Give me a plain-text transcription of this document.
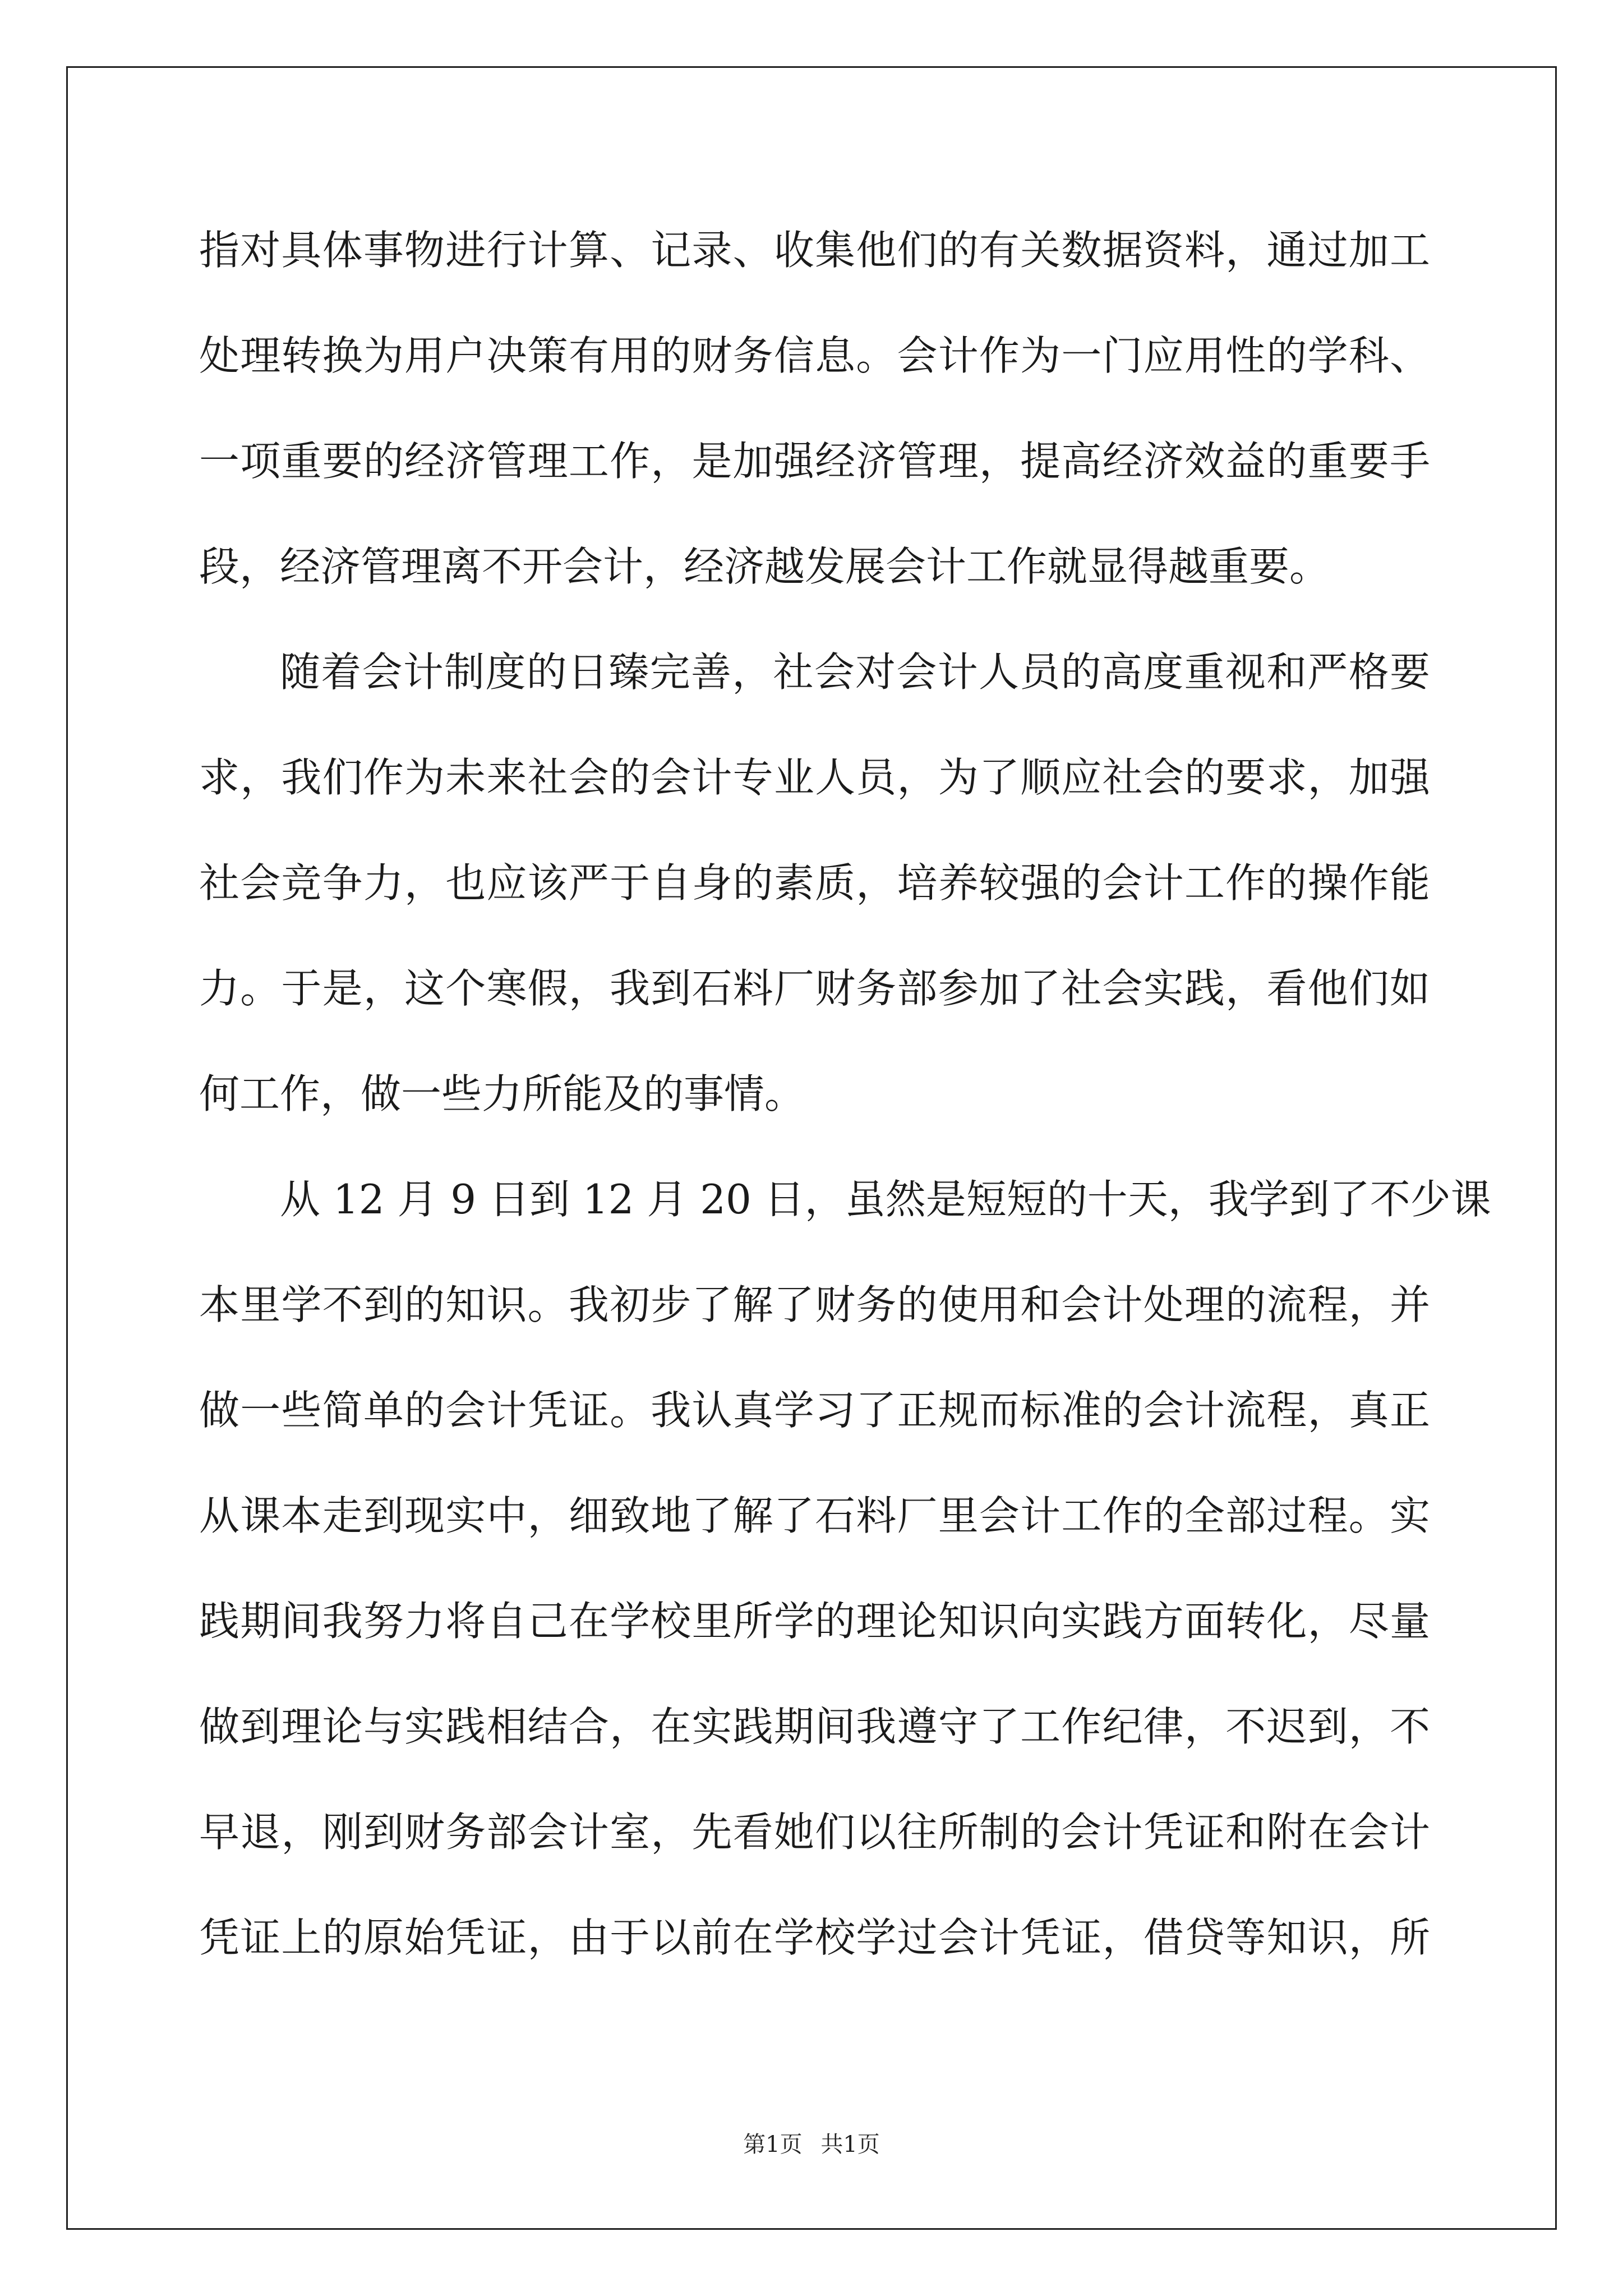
指对具体事物进行计算、记录、收集他们的有关数据资料，通过加工
处理转换为用户决策有用的财务信息。会计作为一门应用性的学科、
一项重要的经济管理工作，是加强经济管理，提高经济效益的重要手
段，经济管理离不开会计，经济越发展会计工作就显得越重要。
随着会计制度的日臻完善，社会对会计人员的高度重视和严格要
求，我们作为未来社会的会计专业人员，为了顺应社会的要求，加强
社会竞争力，也应该严于自身的素质，培养较强的会计工作的操作能
力。于是，这个寒假，我到石料厂财务部参加了社会实践，看他们如
何工作，做一些力所能及的事情。
从 12 月 9 日到 12 月 20 日，虽然是短短的十天，我学到了不少课
本里学不到的知识。我初步了解了财务的使用和会计处理的流程，并
做一些简单的会计凭证。我认真学习了正规而标准的会计流程，真正
从课本走到现实中，细致地了解了石料厂里会计工作的全部过程。实
践期间我努力将自己在学校里所学的理论知识向实践方面转化，尽量
做到理论与实践相结合，在实践期间我遵守了工作纪律，不迟到，不
早退，刚到财务部会计室，先看她们以往所制的会计凭证和附在会计
凭证上的原始凭证，由于以前在学校学过会计凭证，借贷等知识，所
第1页 共1页
